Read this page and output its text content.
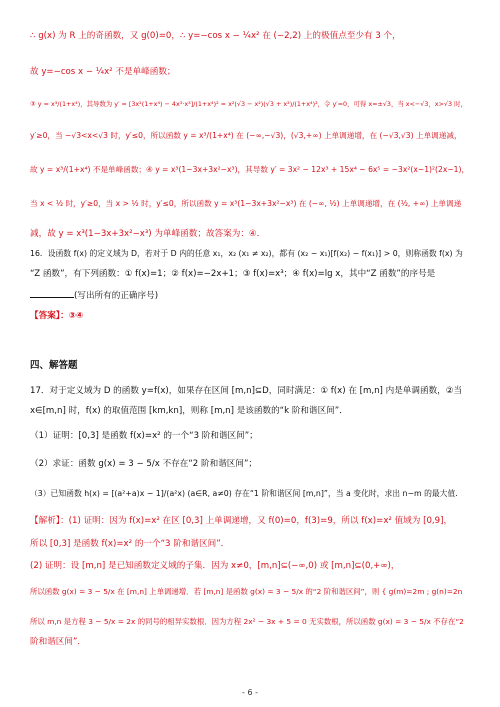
∴ g(x) 为 R 上的奇函数，又 g(0)=0，∴ y=−cos x − ¼x² 在 (−2,2) 上的极值点至少有 3 个，
故 y=−cos x − ¼x² 不是单峰函数；
③ y = x³/(1+x⁴)，其导数为 y′ = [3x²(1+x⁴) − 4x³·x³]/(1+x⁴)² = x²(√3 − x²)(√3 + x²)/(1+x⁴)²，令 y′=0，可得 x=±√3，当 x<−√3，x>√3 时，
y′≥0，当 −√3<x<√3 时，y′≤0，所以函数 y = x³/(1+x⁴) 在 (−∞,−√3)，(√3,+∞) 上单调递增，在 (−√3,√3) 上单调递减，
故 y = x³/(1+x⁴) 不是单峰函数；④ y = x³(1−3x+3x²−x³)，其导数 y′ = 3x² − 12x³ + 15x⁴ − 6x⁵ = −3x²(x−1)²(2x−1)，
当 x < ½ 时，y′≥0，当 x > ½ 时，y′≤0，所以函数 y = x³(1−3x+3x²−x³) 在 (−∞, ½) 上单调递增，在 (½, +∞) 上单调递
减，故 y = x³(1−3x+3x²−x³) 为单峰函数；故答案为：④．
16．设函数 f(x) 的定义域为 D，若对于 D 内的任意 x₁，x₂ (x₁ ≠ x₂)，都有 (x₂ − x₁)[f(x₂) − f(x₁)] > 0，则称函数 f(x) 为
“Z 函数”，有下列函数：① f(x)=1；② f(x)=−2x+1；③ f(x)=x³；④ f(x)=lg x，其中“Z 函数”的序号是
(写出所有的正确序号)
【答案】：③④
四、解答题
17．对于定义域为 D 的函数 y=f(x)，如果存在区间 [m,n]⊆D，同时满足：① f(x) 在 [m,n] 内是单调函数，②当
x∈[m,n] 时，f(x) 的取值范围 [km,kn]，则称 [m,n] 是该函数的“k 阶和谐区间”．
（1）证明：[0,3] 是函数 f(x)=x² 的一个“3 阶和谐区间”；
（2）求证：函数 g(x) = 3 − 5/x 不存在“2 阶和谐区间”；
（3）已知函数 h(x) = [(a²+a)x − 1]/(a²x) (a∈R, a≠0) 存在“1 阶和谐区间 [m,n]”，当 a 变化时，求出 n−m 的最大值．
【解析】：(1) 证明：因为 f(x)=x² 在区 [0,3] 上单调递增，又 f(0)=0，f(3)=9，所以 f(x)=x² 值域为 [0,9]，
所以 [0,3] 是函数 f(x)=x² 的一个“3 阶和谐区间”．
(2) 证明：设 [m,n] 是已知函数定义域的子集．因为 x≠0，[m,n]⊆(−∞,0) 或 [m,n]⊆(0,+∞)，
所以函数 g(x) = 3 − 5/x 在 [m,n] 上单调递增．若 [m,n] 是函数 g(x) = 3 − 5/x 的“2 阶和谐区间”，则 { g(m)=2m ; g(n)=2n
所以 m,n 是方程 3 − 5/x = 2x 的同号的相异实数根．因为方程 2x² − 3x + 5 = 0 无实数根，所以函数 g(x) = 3 − 5/x 不存在“2
阶和谐区间”．
- 6 -
